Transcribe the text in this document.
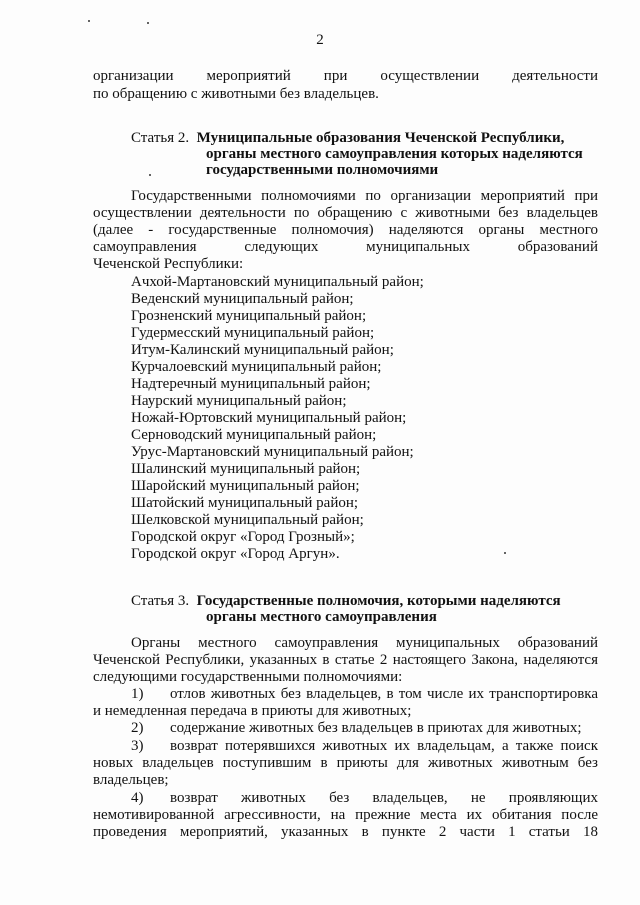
2
организации мероприятий при осуществлении деятельности
по обращению с животными без владельцев.
Статья 2. Муниципальные образования Чеченской Республики,
органы местного самоуправления которых наделяются
государственными полномочиями
Государственными полномочиями по организации мероприятий при
осуществлении деятельности по обращению с животными без владельцев
(далее - государственные полномочия) наделяются органы местного
самоуправления следующих муниципальных образований
Чеченской Республики:
Ачхой-Мартановский муниципальный район;
Веденский муниципальный район;
Грозненский муниципальный район;
Гудермесский муниципальный район;
Итум-Калинский муниципальный район;
Курчалоевский муниципальный район;
Надтеречный муниципальный район;
Наурский муниципальный район;
Ножай-Юртовский муниципальный район;
Серноводский муниципальный район;
Урус-Мартановский муниципальный район;
Шалинский муниципальный район;
Шаройский муниципальный район;
Шатойский муниципальный район;
Шелковской муниципальный район;
Городской округ «Город Грозный»;
Городской округ «Город Аргун».
Статья 3. Государственные полномочия, которыми наделяются
органы местного самоуправления
Органы местного самоуправления муниципальных образований
Чеченской Республики, указанных в статье 2 настоящего Закона, наделяются
следующими государственными полномочиями:
1) отлов животных без владельцев, в том числе их транспортировка
и немедленная передача в приюты для животных;
2) содержание животных без владельцев в приютах для животных;
3) возврат потерявшихся животных их владельцам, а также поиск
новых владельцев поступившим в приюты для животных животным без
владельцев;
4) возврат животных без владельцев, не проявляющих
немотивированной агрессивности, на прежние места их обитания после
проведения мероприятий, указанных в пункте 2 части 1 статьи 18
